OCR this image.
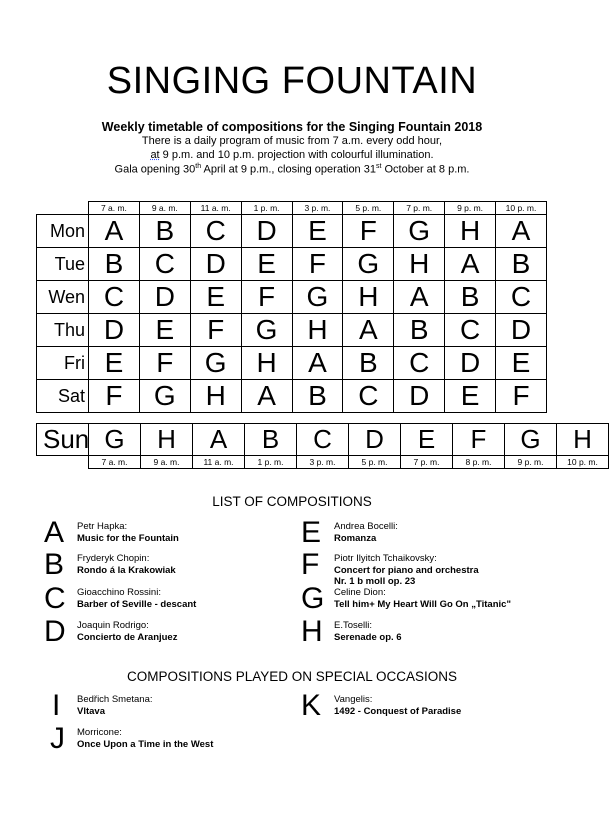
SINGING FOUNTAIN
Weekly timetable of compositions for the Singing Fountain 2018
There is a daily program of music from 7 a.m. every odd hour,
at 9 p.m. and 10 p.m. projection with colourful illumination.
Gala opening 30th April at 9 p.m., closing operation 31st October at 8 p.m.
	7 a. m.	9 a. m.	11 a. m.	1 p. m.	3 p. m.	5 p. m.	7 p. m.	9 p. m.	10 p. m.
Mon	A	B	C	D	E	F	G	H	A
Tue	B	C	D	E	F	G	H	A	B
Wen	C	D	E	F	G	H	A	B	C
Thu	D	E	F	G	H	A	B	C	D
Fri	E	F	G	H	A	B	C	D	E
Sat	F	G	H	A	B	C	D	E	F
Sun	G	H	A	B	C	D	E	F	G	H
	7 a. m.	9 a. m.	11 a. m.	1 p. m.	3 p. m.	5 p. m.	7 p. m.	8 p. m.	9 p. m.	10 p. m.
LIST OF COMPOSITIONS
A Petr Hapka:
Music for the Fountain
B Fryderyk Chopin:
Rondo á la Krakowiak
C Gioacchino Rossini:
Barber of Seville - descant
D Joaquin Rodrigo:
Concierto de Aranjuez
E Andrea Bocelli:
Romanza
F Piotr Ilyitch Tchaikovsky:
Concert for piano and orchestra
Nr. 1 b moll op. 23
G Celine Dion:
Tell him+ My Heart Will Go On „Titanic"
H E.Toselli:
Serenade op. 6
COMPOSITIONS PLAYED ON SPECIAL OCCASIONS
I Bedřich Smetana:
Vltava
J Morricone:
Once Upon a Time in the West
K Vangelis:
1492 - Conquest of Paradise
